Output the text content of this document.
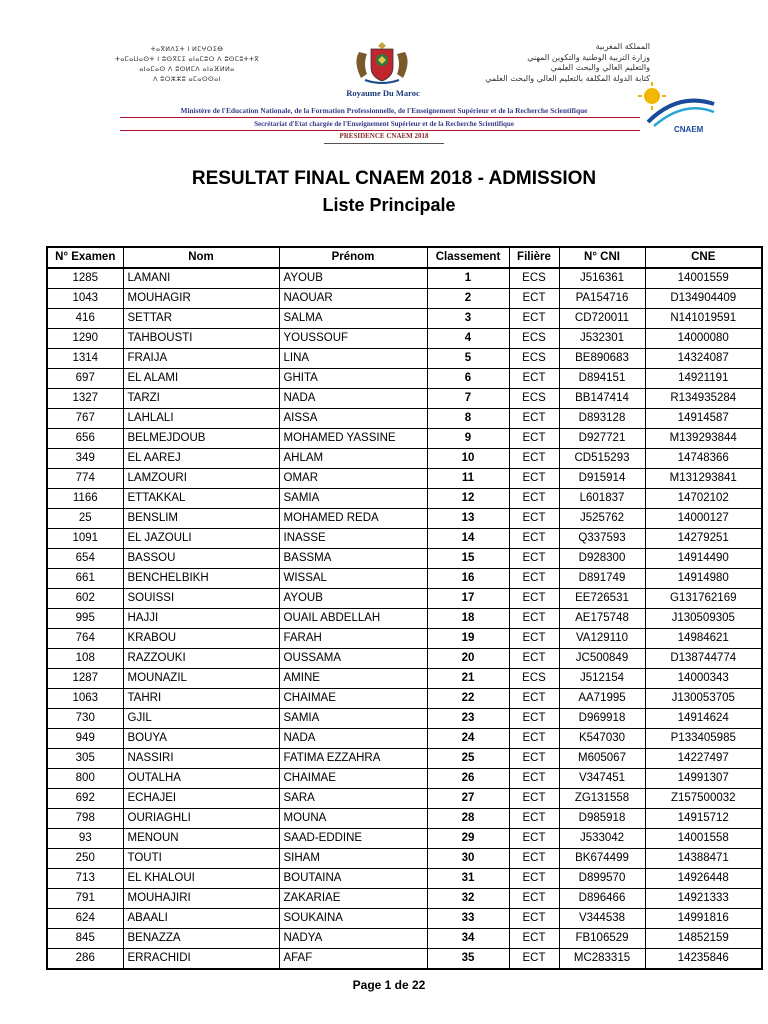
ⵜⴰⴳⵍⴷⵉⵜ ⵏ ⵍⵎⵖⵔⵉⴱ
ⵜⴰⵎⴰⵡⴰⵙⵜ ⵏ ⵓⵙⴳⵎⵉ ⴰⵏⴰⵎⵓⵔ ⴷ ⵓⵙⵎⵓⵜⵜⴳ
ⴰⵏⴰⵎⴰⵙ ⴷ ⵓⵙⵍⵎⴷ ⴰⵏⴰⴼⵍⵍⴰ
ⴷ ⵓⵔⵣⵣⵓ ⴰⵎⴰⵙⵙⴰⵏ
Royaume Du Maroc
المملكة المغربية
وزارة التربية الوطنية والتكوين المهني
والتعليم العالي والبحث العلمي
كتابة الدولة المكلفة بالتعليم العالي والبحث العلمي
CNAEM
Ministère de l'Education Nationale, de la Formation Professionnelle, de l'Enseignement Supérieur et de la Recherche Scientifique
Secrétariat d'Etat chargée de l'Enseignement Supérieur et de la Recherche Scientifique
PRESIDENCE CNAEM 2018
RESULTAT FINAL CNAEM 2018 - ADMISSION
Liste Principale
N° Examen	Nom	Prénom	Classement	Filière	N° CNI	CNE
1285	LAMANI	AYOUB	1	ECS	J516361	14001559
1043	MOUHAGIR	NAOUAR	2	ECT	PA154716	D134904409
416	SETTAR	SALMA	3	ECT	CD720011	N141019591
1290	TAHBOUSTI	YOUSSOUF	4	ECS	J532301	14000080
1314	FRAIJA	LINA	5	ECS	BE890683	14324087
697	EL ALAMI	GHITA	6	ECT	D894151	14921191
1327	TARZI	NADA	7	ECS	BB147414	R134935284
767	LAHLALI	AISSA	8	ECT	D893128	14914587
656	BELMEJDOUB	MOHAMED YASSINE	9	ECT	D927721	M139293844
349	EL AAREJ	AHLAM	10	ECT	CD515293	14748366
774	LAMZOURI	OMAR	11	ECT	D915914	M131293841
1166	ETTAKKAL	SAMIA	12	ECT	L601837	14702102
25	BENSLIM	MOHAMED REDA	13	ECT	J525762	14000127
1091	EL JAZOULI	INASSE	14	ECT	Q337593	14279251
654	BASSOU	BASSMA	15	ECT	D928300	14914490
661	BENCHELBIKH	WISSAL	16	ECT	D891749	14914980
602	SOUISSI	AYOUB	17	ECT	EE726531	G131762169
995	HAJJI	OUAIL ABDELLAH	18	ECT	AE175748	J130509305
764	KRABOU	FARAH	19	ECT	VA129110	14984621
108	RAZZOUKI	OUSSAMA	20	ECT	JC500849	D138744774
1287	MOUNAZIL	AMINE	21	ECS	J512154	14000343
1063	TAHRI	CHAIMAE	22	ECT	AA71995	J130053705
730	GJIL	SAMIA	23	ECT	D969918	14914624
949	BOUYA	NADA	24	ECT	K547030	P133405985
305	NASSIRI	FATIMA EZZAHRA	25	ECT	M605067	14227497
800	OUTALHA	CHAIMAE	26	ECT	V347451	14991307
692	ECHAJEI	SARA	27	ECT	ZG131558	Z157500032
798	OURIAGHLI	MOUNA	28	ECT	D985918	14915712
93	MENOUN	SAAD-EDDINE	29	ECT	J533042	14001558
250	TOUTI	SIHAM	30	ECT	BK674499	14388471
713	EL KHALOUI	BOUTAINA	31	ECT	D899570	14926448
791	MOUHAJIRI	ZAKARIAE	32	ECT	D896466	14921333
624	ABAALI	SOUKAINA	33	ECT	V344538	14991816
845	BENAZZA	NADYA	34	ECT	FB106529	14852159
286	ERRACHIDI	AFAF	35	ECT	MC283315	14235846
Page 1 de 22
